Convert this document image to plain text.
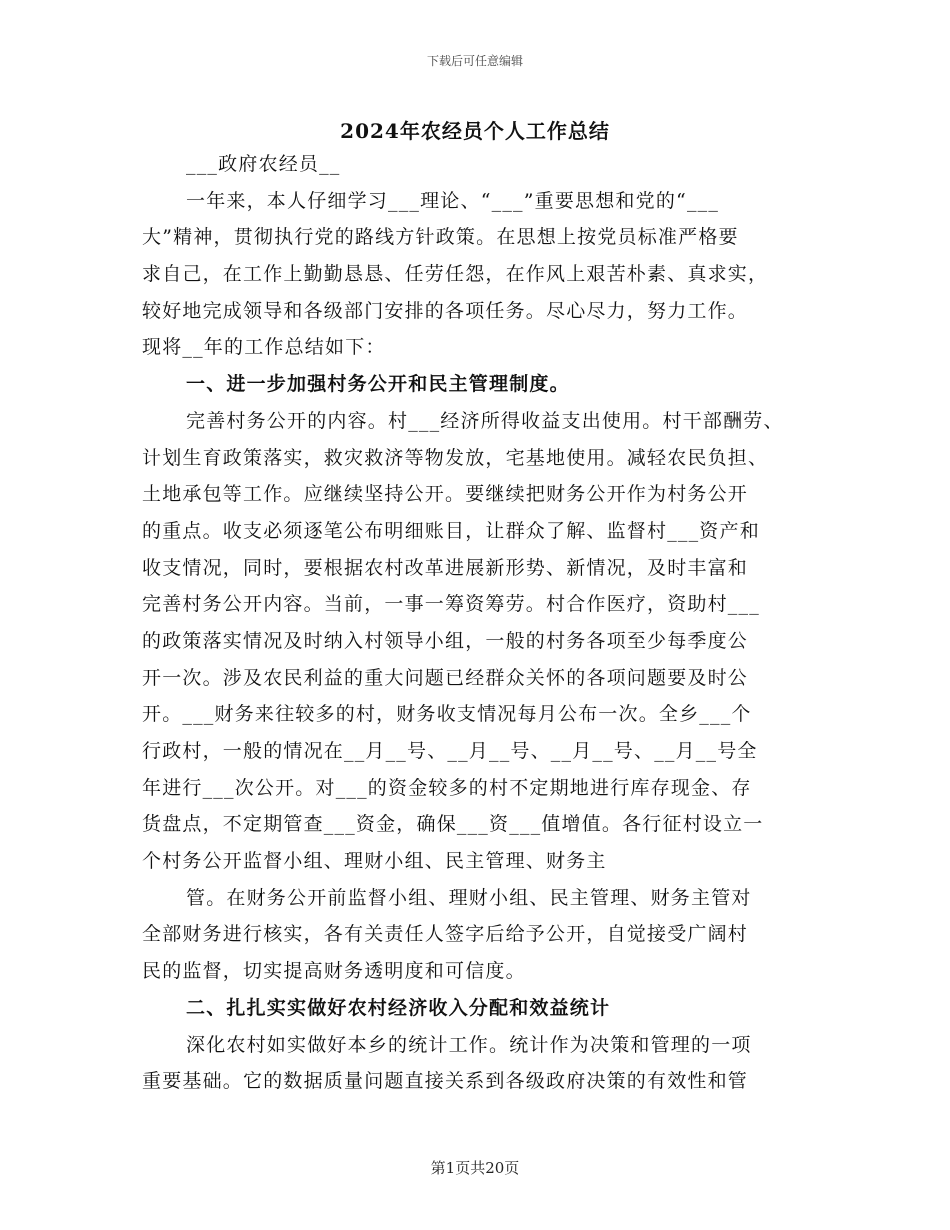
下载后可任意编辑
2024年农经员个人工作总结
___政府农经员__
一年来，本人仔细学习___理论、“___”重要思想和党的“___
大”精神，贯彻执行党的路线方针政策。在思想上按党员标准严格要
求自己，在工作上勤勤恳恳、任劳任怨，在作风上艰苦朴素、真求实，
较好地完成领导和各级部门安排的各项任务。尽心尽力，努力工作。
现将__年的工作总结如下：
一、进一步加强村务公开和民主管理制度。
完善村务公开的内容。村___经济所得收益支出使用。村干部酬劳、
计划生育政策落实，救灾救济等物发放，宅基地使用。减轻农民负担、
土地承包等工作。应继续坚持公开。要继续把财务公开作为村务公开
的重点。收支必须逐笔公布明细账目，让群众了解、监督村___资产和
收支情况，同时，要根据农村改革进展新形势、新情况，及时丰富和
完善村务公开内容。当前，一事一筹资筹劳。村合作医疗，资助村___
的政策落实情况及时纳入村领导小组，一般的村务各项至少每季度公
开一次。涉及农民利益的重大问题已经群众关怀的各项问题要及时公
开。___财务来往较多的村，财务收支情况每月公布一次。全乡___个
行政村，一般的情况在__月__号、__月__号、__月__号、__月__号全
年进行___次公开。对___的资金较多的村不定期地进行库存现金、存
货盘点，不定期管查___资金，确保___资___值增值。各行征村设立一
个村务公开监督小组、理财小组、民主管理、财务主
管。在财务公开前监督小组、理财小组、民主管理、财务主管对
全部财务进行核实，各有关责任人签字后给予公开，自觉接受广阔村
民的监督，切实提高财务透明度和可信度。
二、扎扎实实做好农村经济收入分配和效益统计
深化农村如实做好本乡的统计工作。统计作为决策和管理的一项
重要基础。它的数据质量问题直接关系到各级政府决策的有效性和管
第1页共20页
